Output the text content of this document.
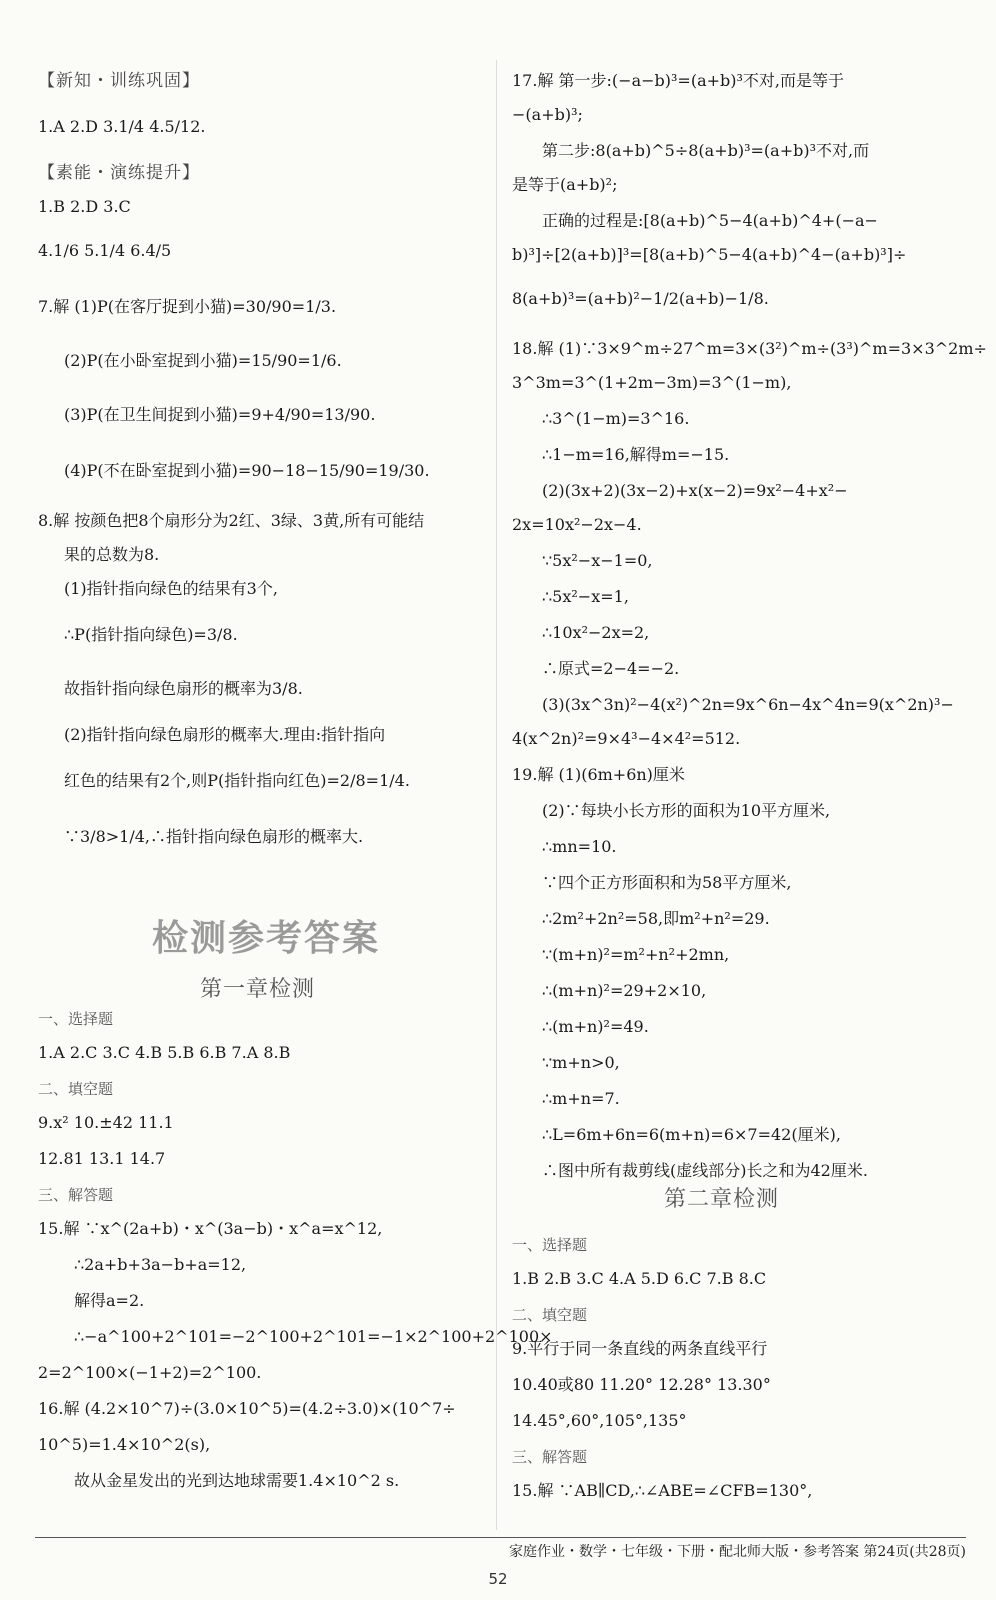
【新知・训练巩固】
1.A 2.D 3.1/4 4.5/12.
【素能・演练提升】
1.B 2.D 3.C
4.1/6 5.1/4 6.4/5
7.解 (1)P(在客厅捉到小猫)=30/90=1/3.
(2)P(在小卧室捉到小猫)=15/90=1/6.
(3)P(在卫生间捉到小猫)=9+4/90=13/90.
(4)P(不在卧室捉到小猫)=90−18−15/90=19/30.
8.解 按颜色把8个扇形分为2红、3绿、3黄,所有可能结
果的总数为8.
(1)指针指向绿色的结果有3个,
∴P(指针指向绿色)=3/8.
故指针指向绿色扇形的概率为3/8.
(2)指针指向绿色扇形的概率大.理由:指针指向
红色的结果有2个,则P(指针指向红色)=2/8=1/4.
∵3/8>1/4,∴指针指向绿色扇形的概率大.
一、选择题
1.A 2.C 3.C 4.B 5.B 6.B 7.A 8.B
二、填空题
9.x² 10.±42 11.1
12.81 13.1 14.7
三、解答题
15.解 ∵x^(2a+b)・x^(3a−b)・x^a=x^12,
∴2a+b+3a−b+a=12,
解得a=2.
∴−a^100+2^101=−2^100+2^101=−1×2^100+2^100×
2=2^100×(−1+2)=2^100.
16.解 (4.2×10^7)÷(3.0×10^5)=(4.2÷3.0)×(10^7÷
10^5)=1.4×10^2(s),
故从金星发出的光到达地球需要1.4×10^2 s.
17.解 第一步:(−a−b)³=(a+b)³不对,而是等于
−(a+b)³;
第二步:8(a+b)^5÷8(a+b)³=(a+b)³不对,而
是等于(a+b)²;
正确的过程是:[8(a+b)^5−4(a+b)^4+(−a−
b)³]÷[2(a+b)]³=[8(a+b)^5−4(a+b)^4−(a+b)³]÷
8(a+b)³=(a+b)²−1/2(a+b)−1/8.
18.解 (1)∵3×9^m÷27^m=3×(3²)^m÷(3³)^m=3×3^2m÷
3^3m=3^(1+2m−3m)=3^(1−m),
∴3^(1−m)=3^16.
∴1−m=16,解得m=−15.
(2)(3x+2)(3x−2)+x(x−2)=9x²−4+x²−
2x=10x²−2x−4.
∵5x²−x−1=0,
∴5x²−x=1,
∴10x²−2x=2,
∴原式=2−4=−2.
(3)(3x^3n)²−4(x²)^2n=9x^6n−4x^4n=9(x^2n)³−
4(x^2n)²=9×4³−4×4²=512.
19.解 (1)(6m+6n)厘米
(2)∵每块小长方形的面积为10平方厘米,
∴mn=10.
∵四个正方形面积和为58平方厘米,
∴2m²+2n²=58,即m²+n²=29.
∵(m+n)²=m²+n²+2mn,
∴(m+n)²=29+2×10,
∴(m+n)²=49.
∵m+n>0,
∴m+n=7.
∴L=6m+6n=6(m+n)=6×7=42(厘米),
∴图中所有裁剪线(虚线部分)长之和为42厘米.
一、选择题
1.B 2.B 3.C 4.A 5.D 6.C 7.B 8.C
二、填空题
9.平行于同一条直线的两条直线平行
10.40或80 11.20° 12.28° 13.30°
14.45°,60°,105°,135°
三、解答题
15.解 ∵AB∥CD,∴∠ABE=∠CFB=130°,
检测参考答案
第一章检测
第二章检测
家庭作业・数学・七年级・下册・配北师大版・参考答案 第24页(共28页)
52
